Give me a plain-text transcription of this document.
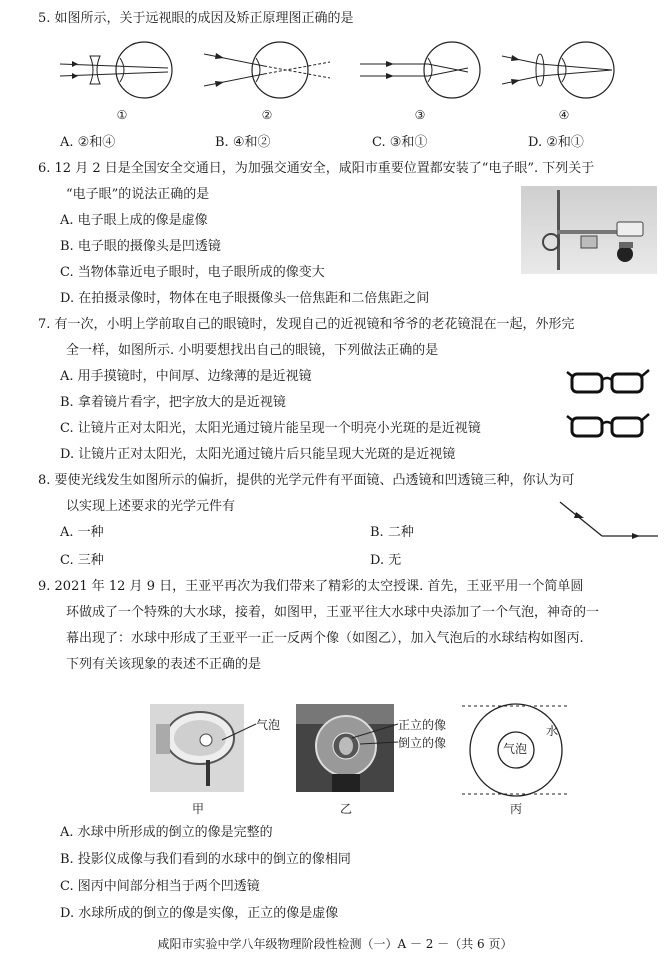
5. 如图所示，关于远视眼的成因及矫正原理图正确的是
①	②	③	④
A. ②和④	B. ④和②	C. ③和①	D. ②和①
6. 12 月 2 日是全国安全交通日，为加强交通安全，咸阳市重要位置都安装了“电子眼”. 下列关于
“电子眼”的说法正确的是
A. 电子眼上成的像是虚像
B. 电子眼的摄像头是凹透镜
C. 当物体靠近电子眼时，电子眼所成的像变大
D. 在拍摄录像时，物体在电子眼摄像头一倍焦距和二倍焦距之间
7. 有一次，小明上学前取自己的眼镜时，发现自己的近视镜和爷爷的老花镜混在一起，外形完
全一样，如图所示. 小明要想找出自己的眼镜，下列做法正确的是
A. 用手摸镜时，中间厚、边缘薄的是近视镜
B. 拿着镜片看字，把字放大的是近视镜
C. 让镜片正对太阳光，太阳光通过镜片能呈现一个明亮小光斑的是近视镜
D. 让镜片正对太阳光，太阳光通过镜片后只能呈现大光斑的是近视镜
8. 要使光线发生如图所示的偏折，提供的光学元件有平面镜、凸透镜和凹透镜三种，你认为可
以实现上述要求的光学元件有
A. 一种	B. 二种
C. 三种	D. 无
9. 2021 年 12 月 9 日，王亚平再次为我们带来了精彩的太空授课. 首先，王亚平用一个简单圆
环做成了一个特殊的大水球，接着，如图甲，王亚平往大水球中央添加了一个气泡，神奇的一
幕出现了：水球中形成了王亚平一正一反两个像（如图乙），加入气泡后的水球结构如图丙.
下列有关该现象的表述不正确的是
气泡	正立的像
倒立的像	气泡
水
甲	乙	丙
A. 水球中所形成的倒立的像是完整的
B. 投影仪成像与我们看到的水球中的倒立的像相同
C. 图丙中间部分相当于两个凹透镜
D. 水球所成的倒立的像是实像，正立的像是虚像
咸阳市实验中学八年级物理阶段性检测（一）A － 2 －（共 6 页）
